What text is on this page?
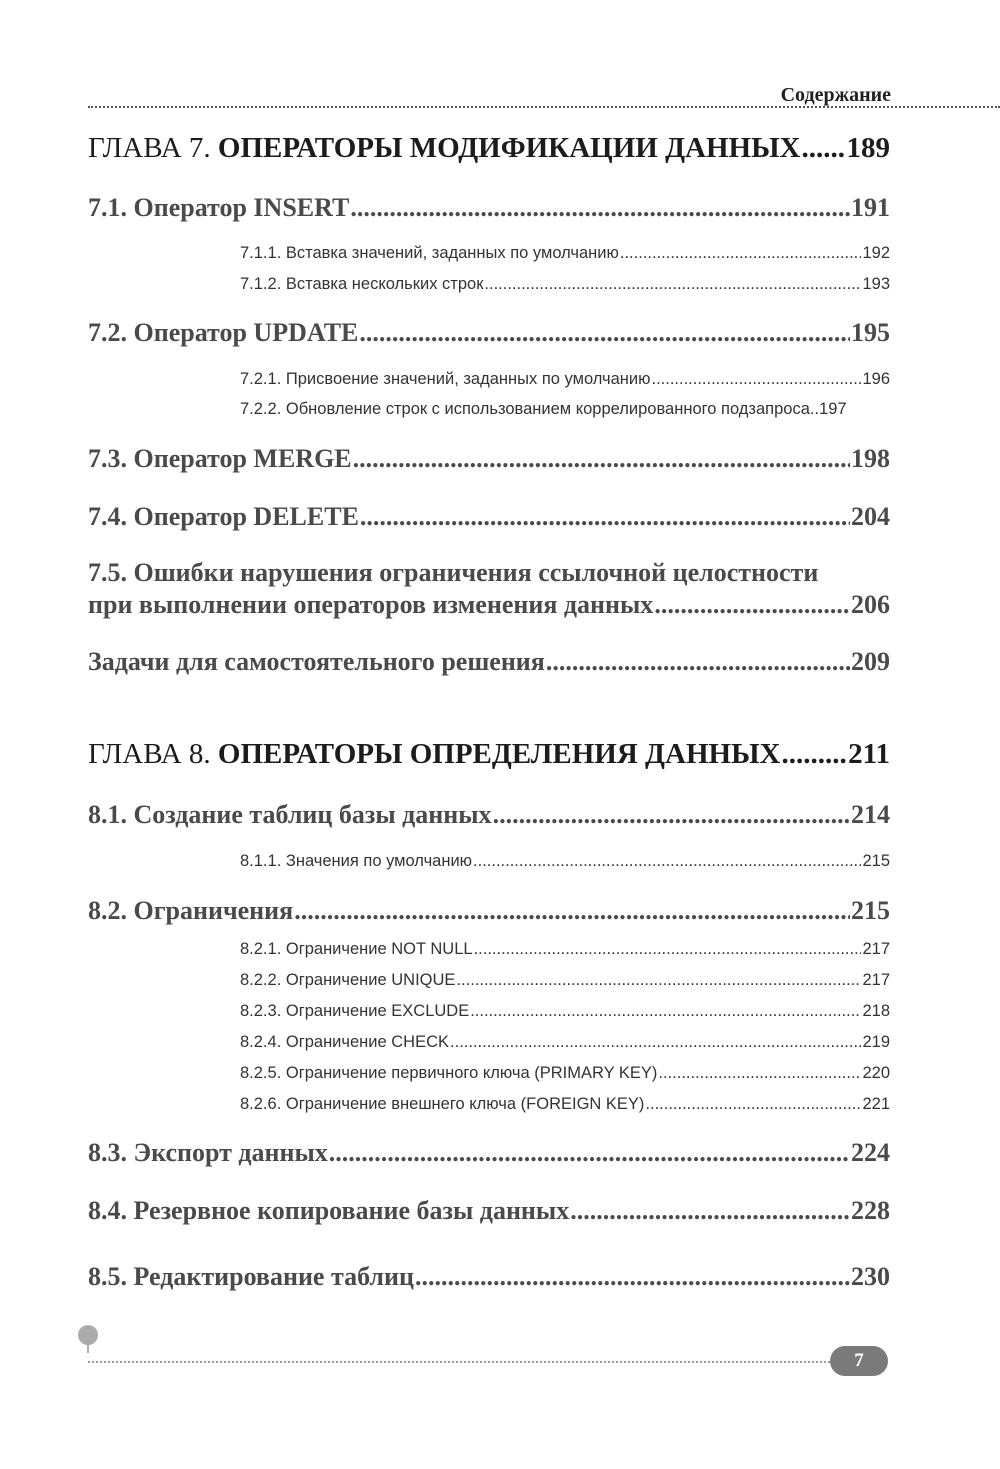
Содержание
ГЛАВА 7. ОПЕРАТОРЫ МОДИФИКАЦИИ ДАННЫХ ..... 189
7.1. Оператор INSERT .....	191
7.1.1. Вставка значений, заданных по умолчанию .....	192
7.1.2. Вставка нескольких строк .....	193
7.2. Оператор UPDATE .....	195
7.2.1. Присвоение значений, заданных по умолчанию .....	196
7.2.2. Обновление строк с использованием коррелированного подзапроса.. 197
7.3. Оператор MERGE .....	198
7.4. Оператор DELETE .....	204
7.5. Ошибки нарушения ограничения ссылочной целостности
при выполнении операторов изменения данных .....	206
Задачи для самостоятельного решения .....	209
ГЛАВА 8. ОПЕРАТОРЫ ОПРЕДЕЛЕНИЯ ДАННЫХ ..... 211
8.1. Создание таблиц базы данных .....	214
8.1.1. Значения по умолчанию .....	215
8.2. Ограничения .....	215
8.2.1. Ограничение NOT NULL .....	217
8.2.2. Ограничение UNIQUE .....	217
8.2.3. Ограничение EXCLUDE .....	218
8.2.4. Ограничение CHECK .....	219
8.2.5. Ограничение первичного ключа (PRIMARY KEY) .....	220
8.2.6. Ограничение внешнего ключа (FOREIGN KEY) .....	221
8.3. Экспорт данных .....	224
8.4. Резервное копирование базы данных .....	228
8.5. Редактирование таблиц .....	230
7
